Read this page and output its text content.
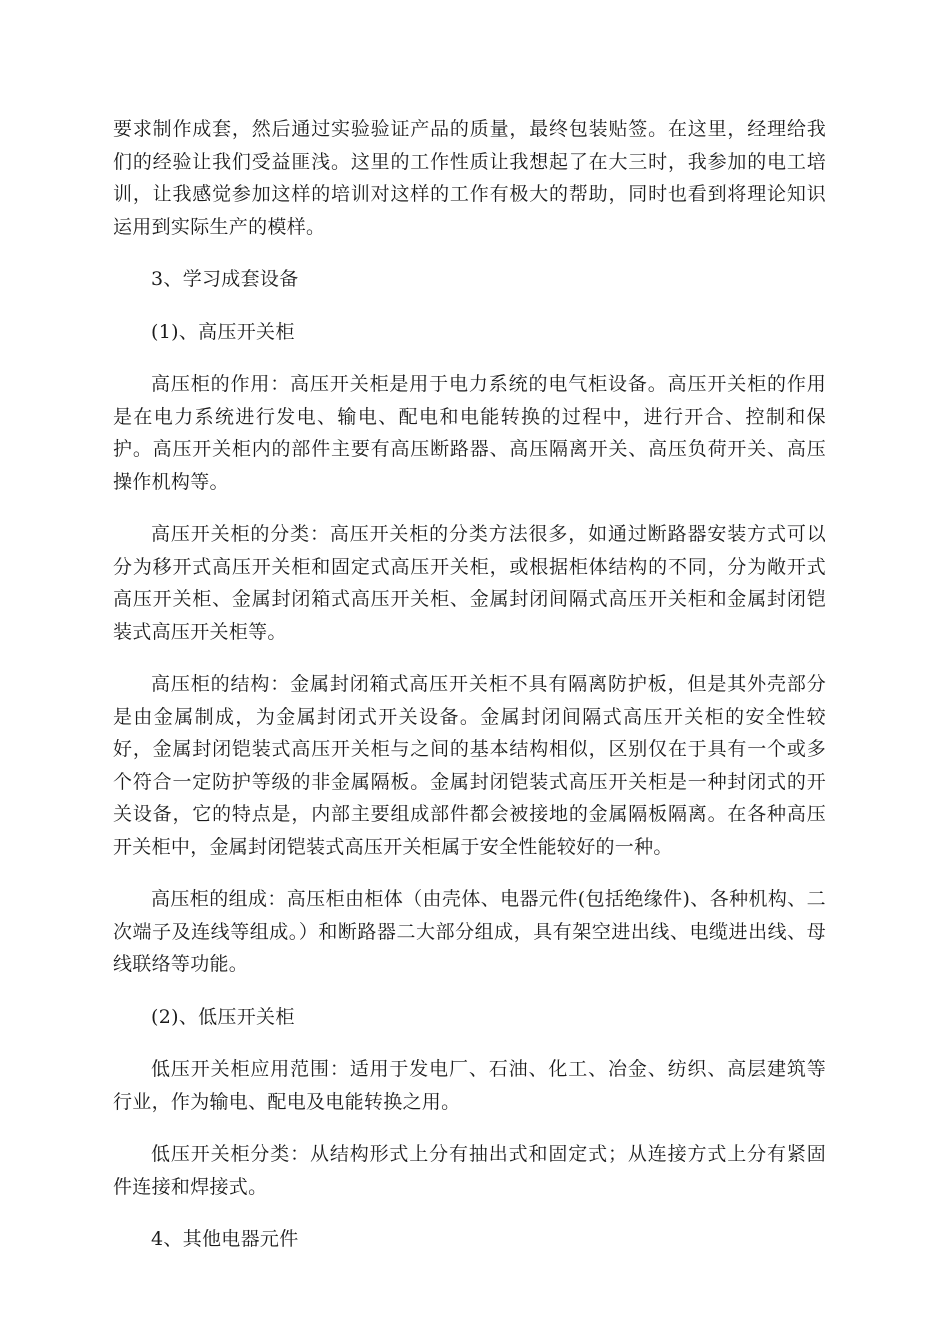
要求制作成套，然后通过实验验证产品的质量，最终包装贴签。在这里，经理给我们的经验让我们受益匪浅。这里的工作性质让我想起了在大三时，我参加的电工培训，让我感觉参加这样的培训对这样的工作有极大的帮助，同时也看到将理论知识运用到实际生产的模样。

3、学习成套设备

(1)、高压开关柜

高压柜的作用：高压开关柜是用于电力系统的电气柜设备。高压开关柜的作用是在电力系统进行发电、输电、配电和电能转换的过程中，进行开合、控制和保护。高压开关柜内的部件主要有高压断路器、高压隔离开关、高压负荷开关、高压操作机构等。

高压开关柜的分类：高压开关柜的分类方法很多，如通过断路器安装方式可以分为移开式高压开关柜和固定式高压开关柜，或根据柜体结构的不同，分为敞开式高压开关柜、金属封闭箱式高压开关柜、金属封闭间隔式高压开关柜和金属封闭铠装式高压开关柜等。

高压柜的结构：金属封闭箱式高压开关柜不具有隔离防护板，但是其外壳部分是由金属制成，为金属封闭式开关设备。金属封闭间隔式高压开关柜的安全性较好，金属封闭铠装式高压开关柜与之间的基本结构相似，区别仅在于具有一个或多个符合一定防护等级的非金属隔板。金属封闭铠装式高压开关柜是一种封闭式的开关设备，它的特点是，内部主要组成部件都会被接地的金属隔板隔离。在各种高压开关柜中，金属封闭铠装式高压开关柜属于安全性能较好的一种。

高压柜的组成：高压柜由柜体（由壳体、电器元件(包括绝缘件)、各种机构、二次端子及连线等组成。）和断路器二大部分组成，具有架空进出线、电缆进出线、母线联络等功能。

(2)、低压开关柜

低压开关柜应用范围：适用于发电厂、石油、化工、冶金、纺织、高层建筑等行业，作为输电、配电及电能转换之用。

低压开关柜分类：从结构形式上分有抽出式和固定式；从连接方式上分有紧固件连接和焊接式。

4、其他电器元件
